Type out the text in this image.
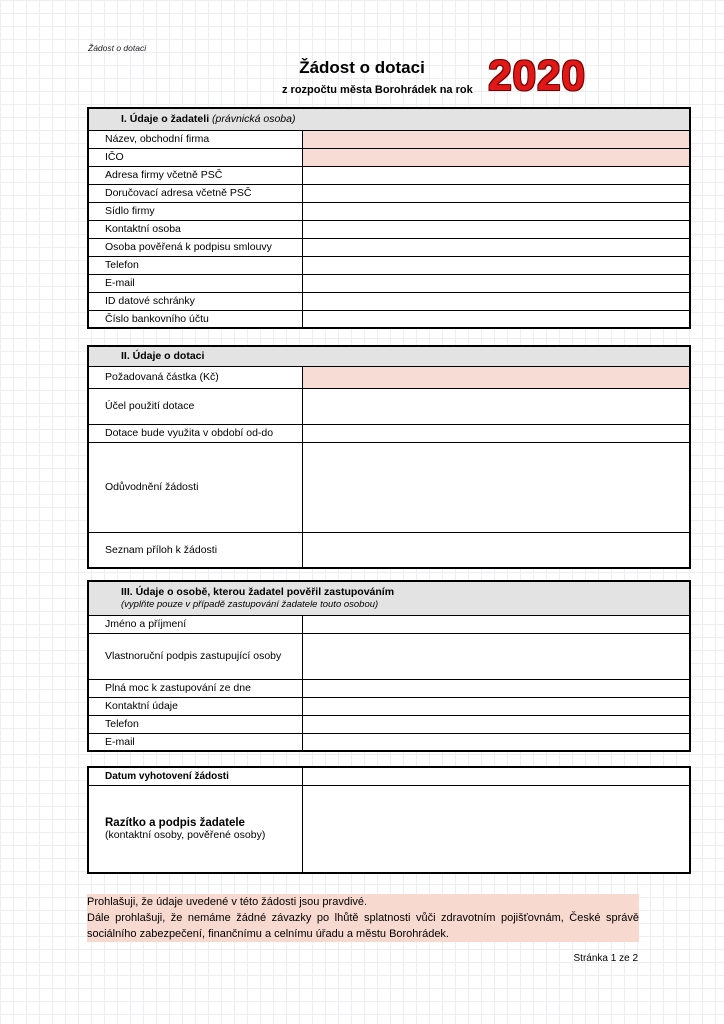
Žádost o dotaci
Žádost o dotaci
z rozpočtu města Borohrádek na rok 2020
I. Údaje o žadateli (právnická osoba)	
Název, obchodní firma	
IČO	
Adresa firmy včetně PSČ	
Doručovací adresa včetně PSČ	
Sídlo firmy	
Kontaktní osoba	
Osoba pověřená k podpisu smlouvy	
Telefon	
E-mail	
ID datové schránky	
Číslo bankovního účtu	
II. Údaje o dotaci	
Požadovaná částka (Kč)	
Účel použití dotace	
Dotace bude využita v období od-do	
Odůvodnění žádosti	
Seznam příloh k žádosti	
III. Údaje o osobě, kterou žadatel pověřil zastupováním
(vyplňte pouze v případě zastupování žadatele touto osobou)	

Jméno a příjmení	
Vlastnoruční podpis zastupující osoby	
Plná moc k zastupování ze dne	
Kontaktní údaje	
Telefon	
E-mail	
Datum vyhotovení žádosti	

Razítko a podpis žadatele
(kontaktní osoby, pověřené osoby)	
Prohlašuji, že údaje uvedené v této žádosti jsou pravdivé.
Dále prohlašuji, že nemáme žádné závazky po lhůtě splatnosti vůči zdravotním pojišťovnám, České správě sociálního zabezpečení, finančnímu a celnímu úřadu a městu Borohrádek.
Stránka 1 ze 2
